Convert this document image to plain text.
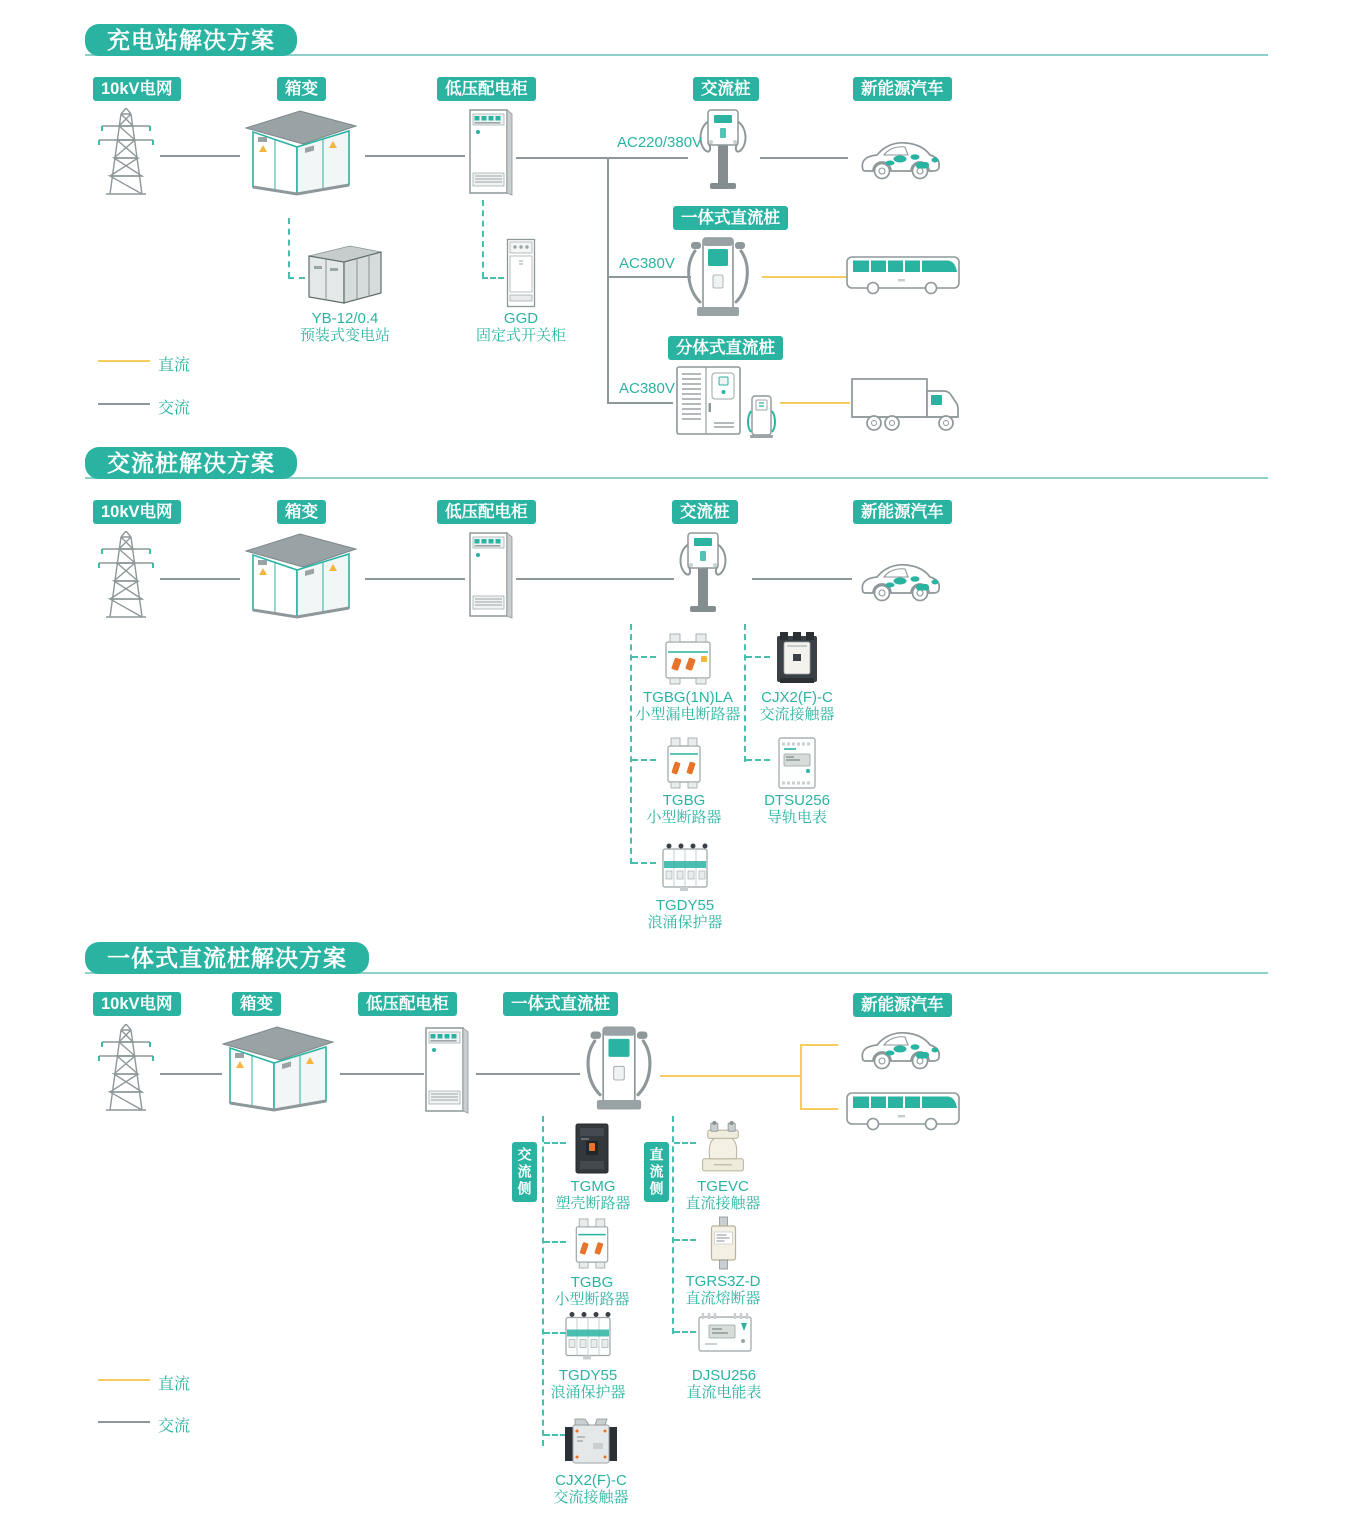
充电站解决方案
10kV电网	箱变	低压配电柜	交流桩	新能源汽车
AC220/380V
AC380V
AC380V
一体式直流桩
分体式直流桩
YB-12/0.4
预装式变电站
GGD
固定式开关柜
直流
交流
交流桩解决方案
10kV电网	箱变	低压配电柜	交流桩	新能源汽车
TGBG(1N)LA
小型漏电断路器
CJX2(F)-C
交流接触器
TGBG
小型断路器
DTSU256
导轨电表
TGDY55
浪涌保护器
一体式直流桩解决方案
10kV电网	箱变	低压配电柜	一体式直流桩	新能源汽车
交流侧	直流侧
TGMG
塑壳断路器
TGEVC
直流接触器
TGBG
小型断路器
TGRS3Z-D
直流熔断器
TGDY55
浪涌保护器
DJSU256
直流电能表
CJX2(F)-C
交流接触器
直流
交流
